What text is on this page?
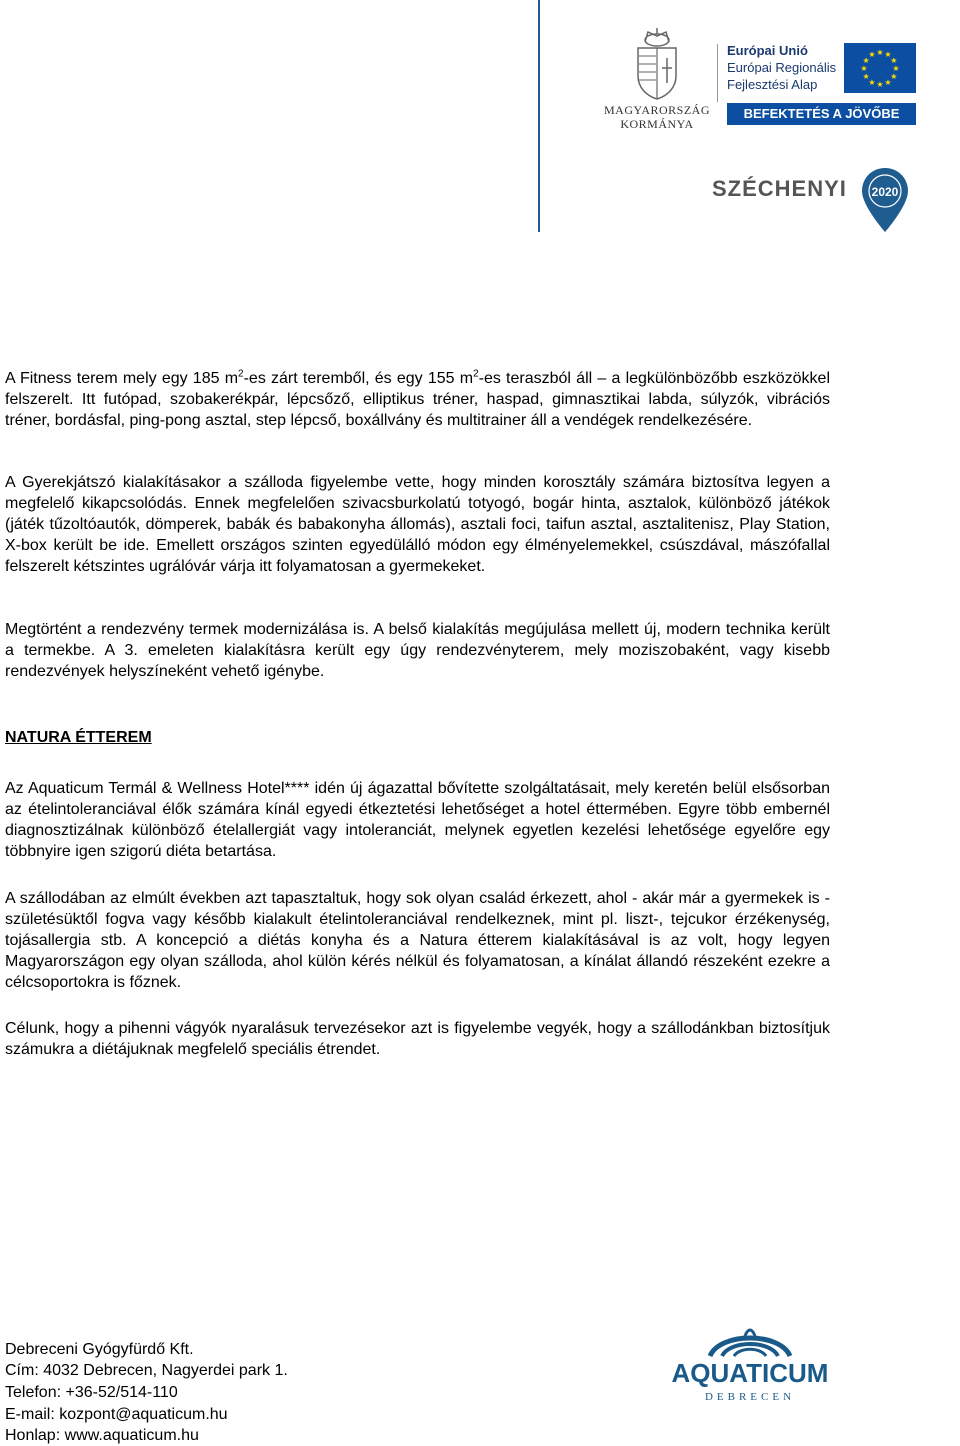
MAGYARORSZÁG
KORMÁNYA
Európai Unió
Európai Regionális
Fejlesztési Alap
★
★
★
★
★
★
★
★
★ ★ ★
★
BEFEKTETÉS A JÖVŐBE
SZÉCHENYI 2020

A Fitness terem mely egy 185 $m^2-es$ zárt teremből, és egy 155 $m^2-es$ teraszból áll – a legkülönbözőbb eszközökkel felszerelt. Itt futópad, szobakerékpár, lépcsőző, elliptikus tréner, haspad, gimnasztikai labda, súlyzók, vibrációs tréner, bordásfal, ping-pong asztal, step lépcső, boxállvány és multitrainer áll a vendégek rendelkezésére.

A Gyerekjátszó kialakításakor a szálloda figyelembe vette, hogy minden korosztály számára biztosítva legyen a megfelelő kikapcsolódás. Ennek megfelelően szivacsburkolatú totyogó, bogár hinta, asztalok, különböző játékok (játék tűzoltóautók, dömperek, babák és babakonyha állomás), asztali foci, taifun asztal, asztalitenisz, Play Station, X-box került be ide. Emellett országos szinten egyedülálló módon egy élményelemekkel, csúszdával, mászófallal felszerelt kétszintes ugrálóvár várja itt folyamatosan a gyermekeket.

Megtörtént a rendezvény termek modernizálása is. A belső kialakítás megújulása mellett új, modern technika került a termekbe. A 3. emeleten kialakításra került egy úgy rendezvényterem, mely moziszobaként, vagy kisebb rendezvények helyszíneként vehető igénybe.

NATURA ÉTTEREM

Az Aquaticum Termál & Wellness Hotel**** idén új ágazattal bővítette szolgáltatásait, mely keretén belül elsősorban az ételintoleranciával élők számára kínál egyedi étkeztetési lehetőséget a hotel éttermében. Egyre több embernél diagnosztizálnak különböző ételallergiát vagy intoleranciát, melynek egyetlen kezelési lehetősége egyelőre egy többnyire igen szigorú diéta betartása.

A szállodában az elmúlt években azt tapasztaltuk, hogy sok olyan család érkezett, ahol - akár már a gyermekek is - születésüktől fogva vagy később kialakult ételintoleranciával rendelkeznek, mint pl. liszt-, tejcukor érzékenység, tojásallergia stb. A koncepció a diétás konyha és a Natura étterem kialakításával is az volt, hogy legyen Magyarországon egy olyan szálloda, ahol külön kérés nélkül és folyamatosan, a kínálat állandó részeként ezekre a célcsoportokra is főznek.

Célunk, hogy a pihenni vágyók nyaralásuk tervezésekor azt is figyelembe vegyék, hogy a szállodánkban biztosítjuk számukra a diétájuknak megfelelő speciális étrendet.

Debreceni Gyógyfürdő Kft.
Cím: 4032 Debrecen, Nagyerdei park 1.
Telefon: +36-52/514-110
E-mail: kozpont@aquaticum.hu
Honlap: www.aquaticum.hu
AQUATICUM
DEBRECEN
